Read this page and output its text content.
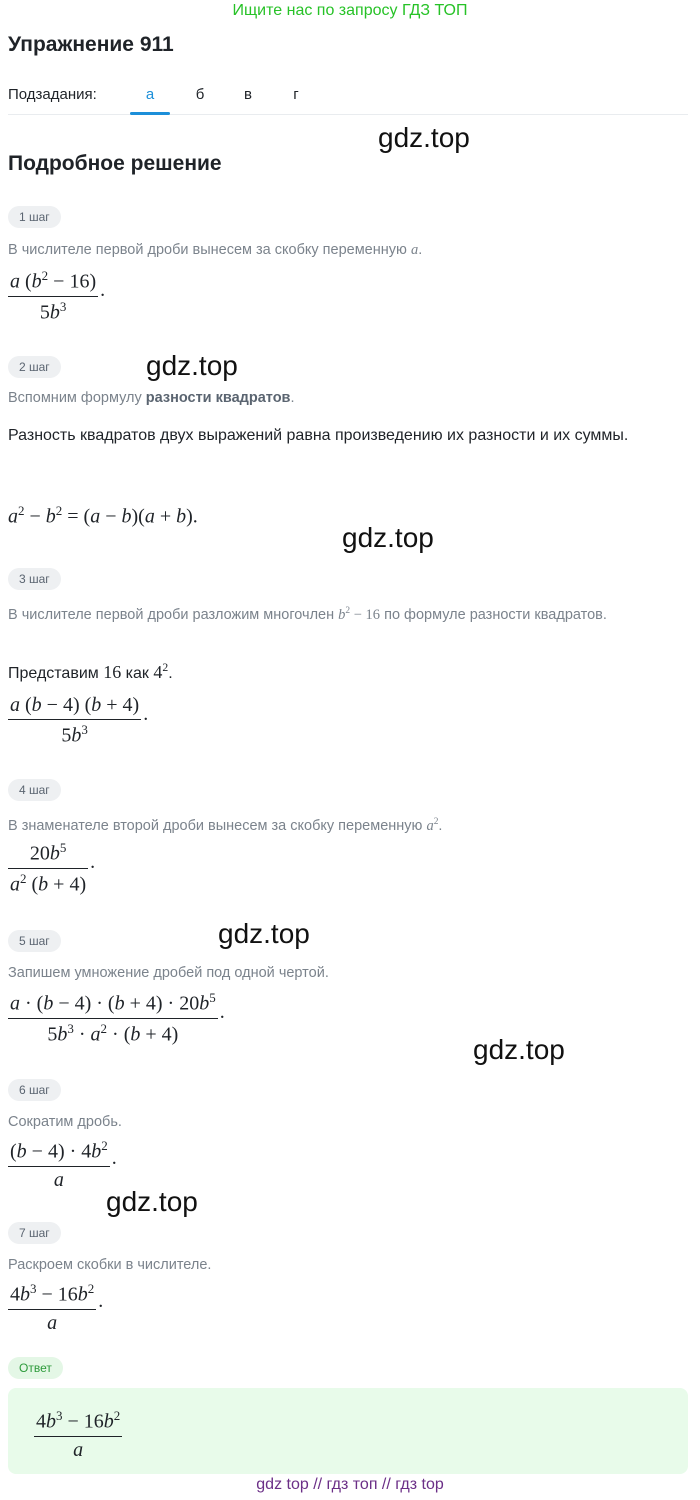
Ищите нас по запросу ГДЗ ТОП
Упражнение 911
Подзадания:	а	б	в	г
gdz.top
Подробное решение
1 шаг
В числителе первой дроби вынесем за скобку переменную a.
$\frac{a (b^2 - 16)}{5b^3}$ .
2 шаг	gdz.top
Вспомним формулу разности квадратов.
Разность квадратов двух выражений равна произведению их разности и их суммы.
$a^2 - b^2 = (a - b)(a + b)$.
gdz.top
3 шаг
В числителе первой дроби разложим многочлен $b^2 - 16$ по формуле разности квадратов.
Представим 16 как $4^2$.
$\frac{a (b - 4) (b + 4)}{5b^3}$ .
4 шаг
В знаменателе второй дроби вынесем за скобку переменную $a^2$.
$\frac{20b^5}{a^2 (b + 4)}$ .
5 шаг	gdz.top
Запишем умножение дробей под одной чертой.
$\frac{a \cdot (b - 4) \cdot (b + 4) \cdot 20b^5}{5b^3 \cdot a^2 \cdot (b + 4)}$ .
gdz.top
6 шаг
Сократим дробь.
$\frac{(b - 4) \cdot 4b^2}{a}$ .
gdz.top
7 шаг
Раскроем скобки в числителе.
$\frac{4b^3 - 16b^2}{a}$ .
Ответ
$\frac{4b^3 - 16b^2}{a}$
gdz top // гдз топ // гдз top
